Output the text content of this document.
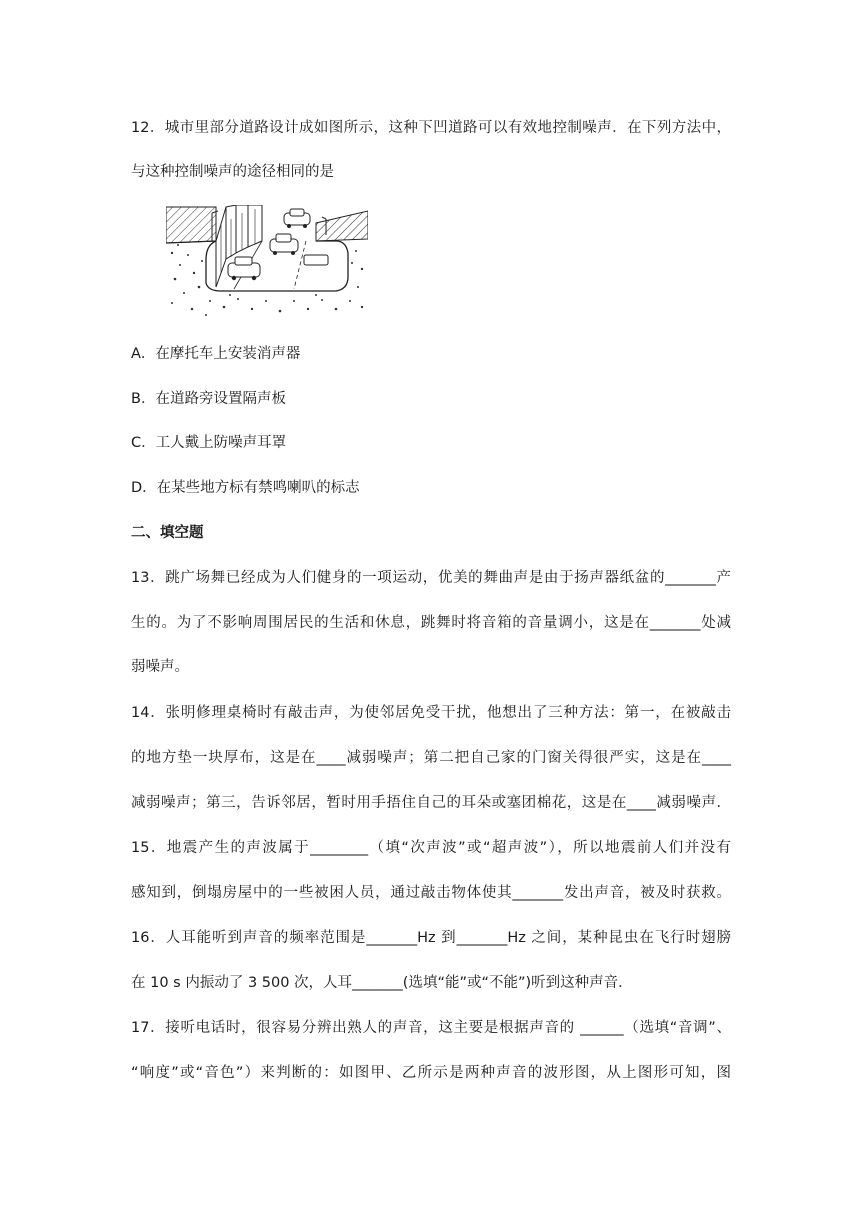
12．城市里部分道路设计成如图所示，这种下凹道路可以有效地控制噪声．在下列方法中，
与这种控制噪声的途径相同的是
A．在摩托车上安装消声器
B．在道路旁设置隔声板
C．工人戴上防噪声耳罩
D．在某些地方标有禁鸣喇叭的标志
二、填空题
13．跳广场舞已经成为人们健身的一项运动，优美的舞曲声是由于扬声器纸盆的_______产
生的。为了不影响周围居民的生活和休息，跳舞时将音箱的音量调小，这是在_______处减
弱噪声。
14．张明修理桌椅时有敲击声，为使邻居免受干扰，他想出了三种方法：第一，在被敲击
的地方垫一块厚布，这是在____减弱噪声；第二把自己家的门窗关得很严实，这是在____
减弱噪声；第三，告诉邻居，暂时用手捂住自己的耳朵或塞团棉花，这是在____减弱噪声．
15．地震产生的声波属于________（填“次声波”或“超声波”），所以地震前人们并没有
感知到，倒塌房屋中的一些被困人员，通过敲击物体使其_______发出声音，被及时获救。
16．人耳能听到声音的频率范围是_______Hz 到_______Hz 之间，某种昆虫在飞行时翅膀
在 10 s 内振动了 3 500 次，人耳_______(选填“能”或“不能”)听到这种声音．
17．接听电话时，很容易分辨出熟人的声音，这主要是根据声音的 ______（选填“音调”、
“响度”或“音色”）来判断的：如图甲、乙所示是两种声音的波形图，从上图形可知，图
